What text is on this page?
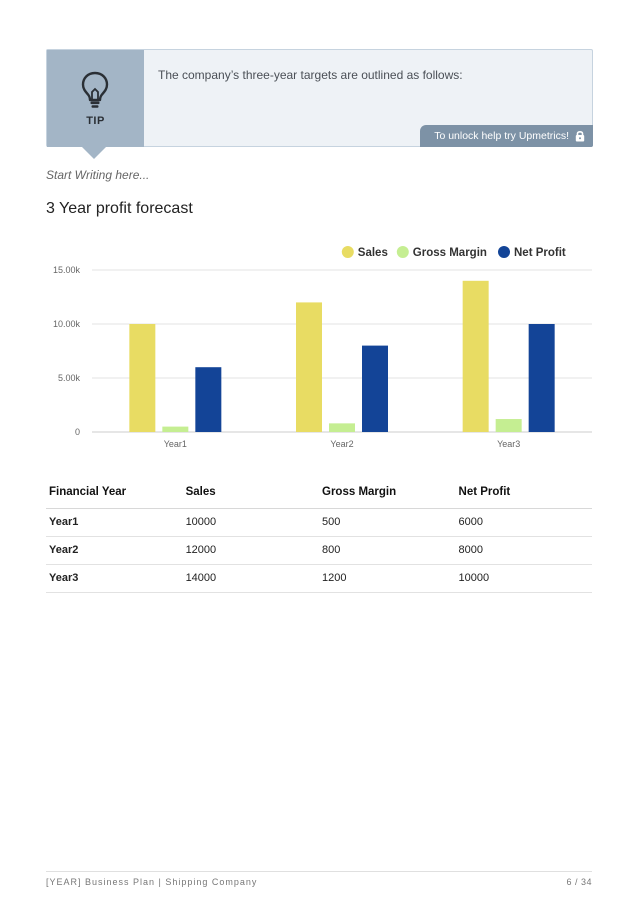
TIP
The company’s three-year targets are outlined as follows:
To unlock help try Upmetrics!
Start Writing here...
3 Year profit forecast
Net Profit
Gross Margin
Sales
0
5.00k
10.00k
15.00k
Year1	Year2	Year3
Financial Year	Sales	Gross Margin	Net Profit
Year1	10000	500	6000
Year2	12000	800	8000
Year3	14000	1200	10000
[YEAR] Business Plan | Shipping Company	6 / 34
